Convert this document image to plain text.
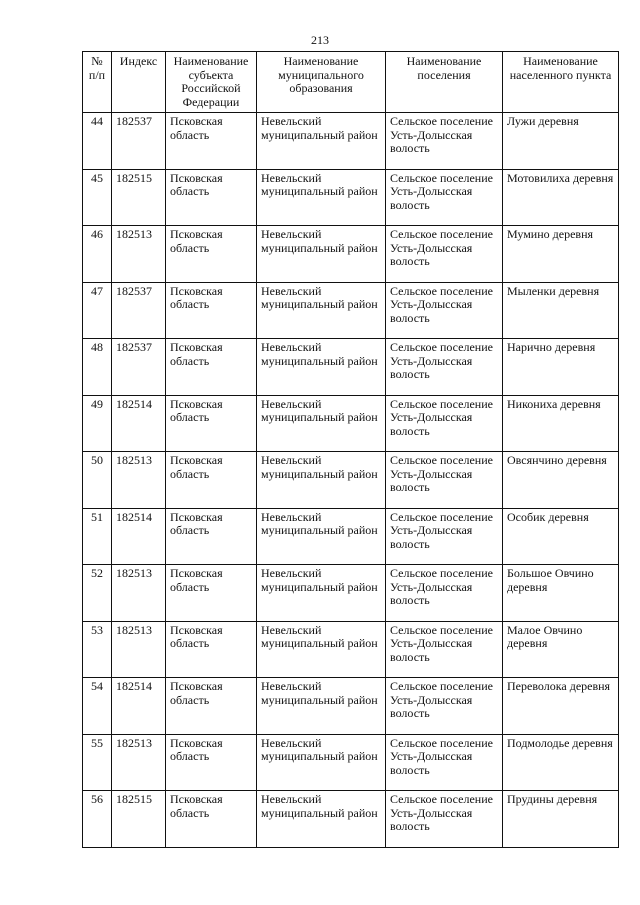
213
№ п/п	Индекс	Наименование субъекта Российской Федерации	Наименование муниципального образования	Наименование поселения	Наименование населенного пункта
44	182537	Псковская область	Невельский муниципальный район	Сельское поселение Усть-Долысская волость	Лужи деревня
45	182515	Псковская область	Невельский муниципальный район	Сельское поселение Усть-Долысская волость	Мотовилиха деревня
46	182513	Псковская область	Невельский муниципальный район	Сельское поселение Усть-Долысская волость	Мумино деревня
47	182537	Псковская область	Невельский муниципальный район	Сельское поселение Усть-Долысская волость	Мыленки деревня
48	182537	Псковская область	Невельский муниципальный район	Сельское поселение Усть-Долысская волость	Нарично деревня
49	182514	Псковская область	Невельский муниципальный район	Сельское поселение Усть-Долысская волость	Никониха деревня
50	182513	Псковская область	Невельский муниципальный район	Сельское поселение Усть-Долысская волость	Овсянчино деревня
51	182514	Псковская область	Невельский муниципальный район	Сельское поселение Усть-Долысская волость	Особик деревня
52	182513	Псковская область	Невельский муниципальный район	Сельское поселение Усть-Долысская волость	Большое Овчино деревня
53	182513	Псковская область	Невельский муниципальный район	Сельское поселение Усть-Долысская волость	Малое Овчино деревня
54	182514	Псковская область	Невельский муниципальный район	Сельское поселение Усть-Долысская волость	Переволока деревня
55	182513	Псковская область	Невельский муниципальный район	Сельское поселение Усть-Долысская волость	Подмолодье деревня
56	182515	Псковская область	Невельский муниципальный район	Сельское поселение Усть-Долысская волость	Прудины деревня
